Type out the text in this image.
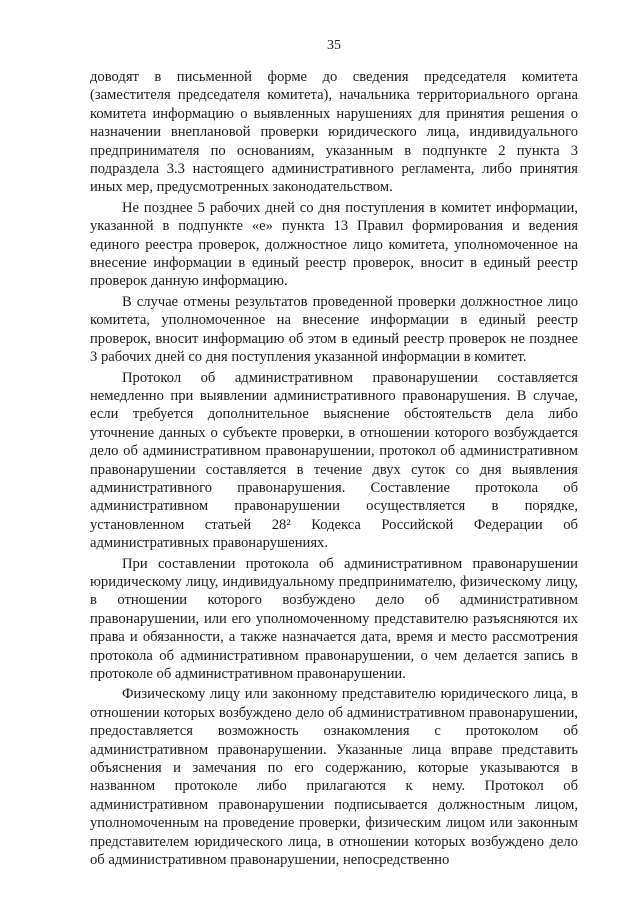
35

доводят в письменной форме до сведения председателя комитета (заместителя председателя комитета), начальника территориального органа комитета информацию о выявленных нарушениях для принятия решения о назначении внеплановой проверки юридического лица, индивидуального предпринимателя по основаниям, указанным в подпункте 2 пункта 3 подраздела 3.3 настоящего административного регламента, либо принятия иных мер, предусмотренных законодательством.

Не позднее 5 рабочих дней со дня поступления в комитет информации, указанной в подпункте «е» пункта 13 Правил формирования и ведения единого реестра проверок, должностное лицо комитета, уполномоченное на внесение информации в единый реестр проверок, вносит в единый реестр проверок данную информацию.

В случае отмены результатов проведенной проверки должностное лицо комитета, уполномоченное на внесение информации в единый реестр проверок, вносит информацию об этом в единый реестр проверок не позднее 3 рабочих дней со дня поступления указанной информации в комитет.

Протокол об административном правонарушении составляется немедленно при выявлении административного правонарушения. В случае, если требуется дополнительное выяснение обстоятельств дела либо уточнение данных о субъекте проверки, в отношении которого возбуждается дело об административном правонарушении, протокол об административном правонарушении составляется в течение двух суток со дня выявления административного правонарушения. Составление протокола об административном правонарушении осуществляется в порядке, установленном статьей 28² Кодекса Российской Федерации об административных правонарушениях.

При составлении протокола об административном правонарушении юридическому лицу, индивидуальному предпринимателю, физическому лицу, в отношении которого возбуждено дело об административном правонарушении, или его уполномоченному представителю разъясняются их права и обязанности, а также назначается дата, время и место рассмотрения протокола об административном правонарушении, о чем делается запись в протоколе об административном правонарушении.

Физическому лицу или законному представителю юридического лица, в отношении которых возбуждено дело об административном правонарушении, предоставляется возможность ознакомления с протоколом об административном правонарушении. Указанные лица вправе представить объяснения и замечания по его содержанию, которые указываются в названном протоколе либо прилагаются к нему. Протокол об административном правонарушении подписывается должностным лицом, уполномоченным на проведение проверки, физическим лицом или законным представителем юридического лица, в отношении которых возбуждено дело об административном правонарушении, непосредственно
